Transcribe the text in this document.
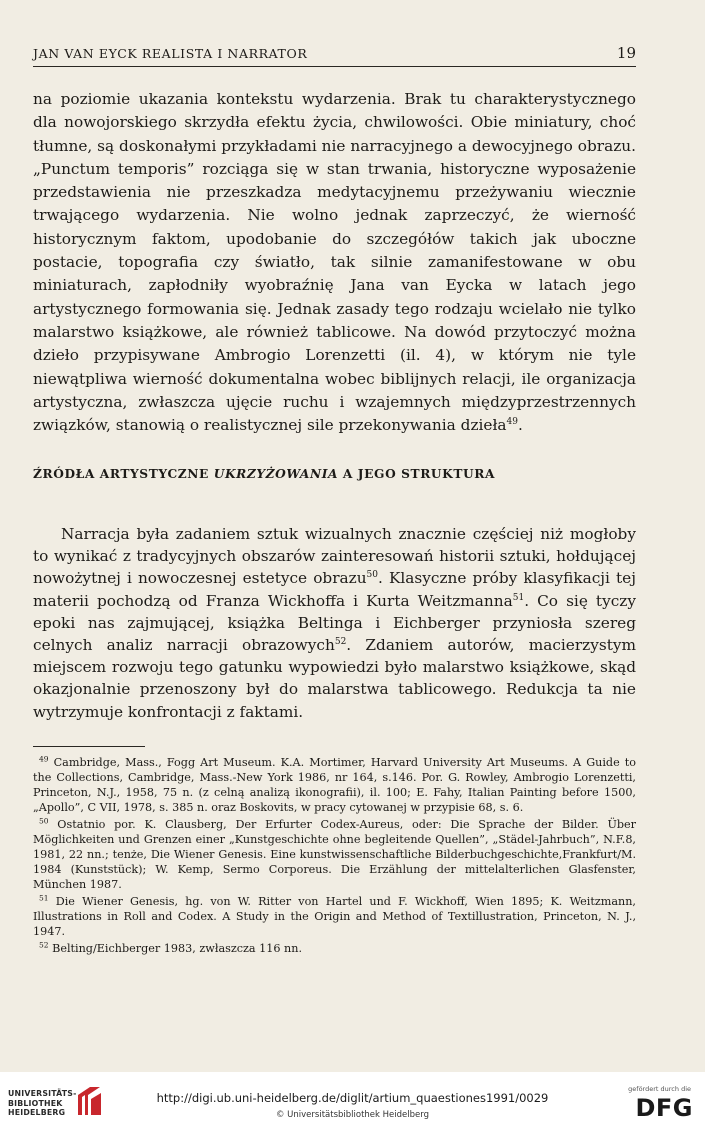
JAN VAN EYCK REALISTA I NARRATOR	19

na poziomie ukazania kontekstu wydarzenia. Brak tu charakterystycznego dla nowojorskiego skrzydła efektu życia, chwilowości. Obie miniatury, choć tłumne, są doskonałymi przykładami nie narracyjnego a dewocyjnego obrazu. „Punctum temporis” rozciąga się w stan trwania, historyczne wyposażenie przedstawienia nie przeszkadza medytacyjnemu przeżywaniu wiecznie trwającego wydarzenia. Nie wolno jednak zaprzeczyć, że wierność historycznym faktom, upodobanie do szczegółów takich jak uboczne postacie, topografia czy światło, tak silnie zamanifestowane w obu miniaturach, zapłodniły wyobraźnię Jana van Eycka w latach jego artystycznego formowania się. Jednak zasady tego rodzaju wcielało nie tylko malarstwo książkowe, ale również tablicowe. Na dowód przytoczyć można dzieło przypisywane Ambrogio Lorenzetti (il. 4), w którym nie tyle niewątpliwa wierność dokumentalna wobec biblijnych relacji, ile organizacja artystyczna, zwłaszcza ujęcie ruchu i wzajemnych międzyprzestrzennych związków, stanowią o realistycznej sile przekonywania dzieła$^{49}$.

ŹRÓDŁA ARTYSTYCZNE UKRZYŻOWANIA A JEGO STRUKTURA

Narracja była zadaniem sztuk wizualnych znacznie częściej niż mogłoby to wynikać z tradycyjnych obszarów zainteresowań historii sztuki, hołdującej nowożytnej i nowoczesnej estetyce obrazu$^{50}$. Klasyczne próby klasyfikacji tej materii pochodzą od Franza Wickhoffa i Kurta Weitzmanna$^{51}$. Co się tyczy epoki nas zajmującej, książka Beltinga i Eichberger przyniosła szereg celnych analiz narracji obrazowych$^{52}$. Zdaniem autorów, macierzystym miejscem rozwoju tego gatunku wypowiedzi było malarstwo książkowe, skąd okazjonalnie przenoszony był do malarstwa tablicowego. Redukcja ta nie wytrzymuje konfrontacji z faktami.

$^{49}$ Cambridge, Mass., Fogg Art Museum. K.A. Mortimer, Harvard University Art Museums. A Guide to the Collections, Cambridge, Mass.-New York 1986, nr 164, s.146. Por. G. Rowley, Ambrogio Lorenzetti, Princeton, N.J., 1958, 75 n. (z celną analizą ikonografii), il. 100; E. Fahy, Italian Painting before 1500, „Apollo”, C VII, 1978, s. 385 n. oraz Boskovits, w pracy cytowanej w przypisie 68, s. 6.

$^{50}$ Ostatnio por. K. Clausberg, Der Erfurter Codex-Aureus, oder: Die Sprache der Bilder. Über Möglichkeiten und Grenzen einer „Kunstgeschichte ohne begleitende Quellen”, „Städel-Jahrbuch”, N.F.8, 1981, 22 nn.; tenże, Die Wiener Genesis. Eine kunstwissenschaftliche Bilderbuchgeschichte,Frankfurt/M. 1984 (Kunststück); W. Kemp, Sermo Corporeus. Die Erzählung der mittelalterlichen Glasfenster, München 1987.

$^{51}$ Die Wiener Genesis, hg. von W. Ritter von Hartel und F. Wickhoff, Wien 1895; K. Weitzmann, Illustrations in Roll and Codex. A Study in the Origin and Method of Textillustration, Princeton, N. J., 1947.

$^{52}$ Belting/Eichberger 1983, zwłaszcza 116 nn.

UNIVERSITÄTS-
BIBLIOTHEK
HEIDELBERG
http://digi.ub.uni-heidelberg.de/diglit/artium_quaestiones1991/0029
© Universitätsbibliothek Heidelberg
gefördert durch die
DFG
